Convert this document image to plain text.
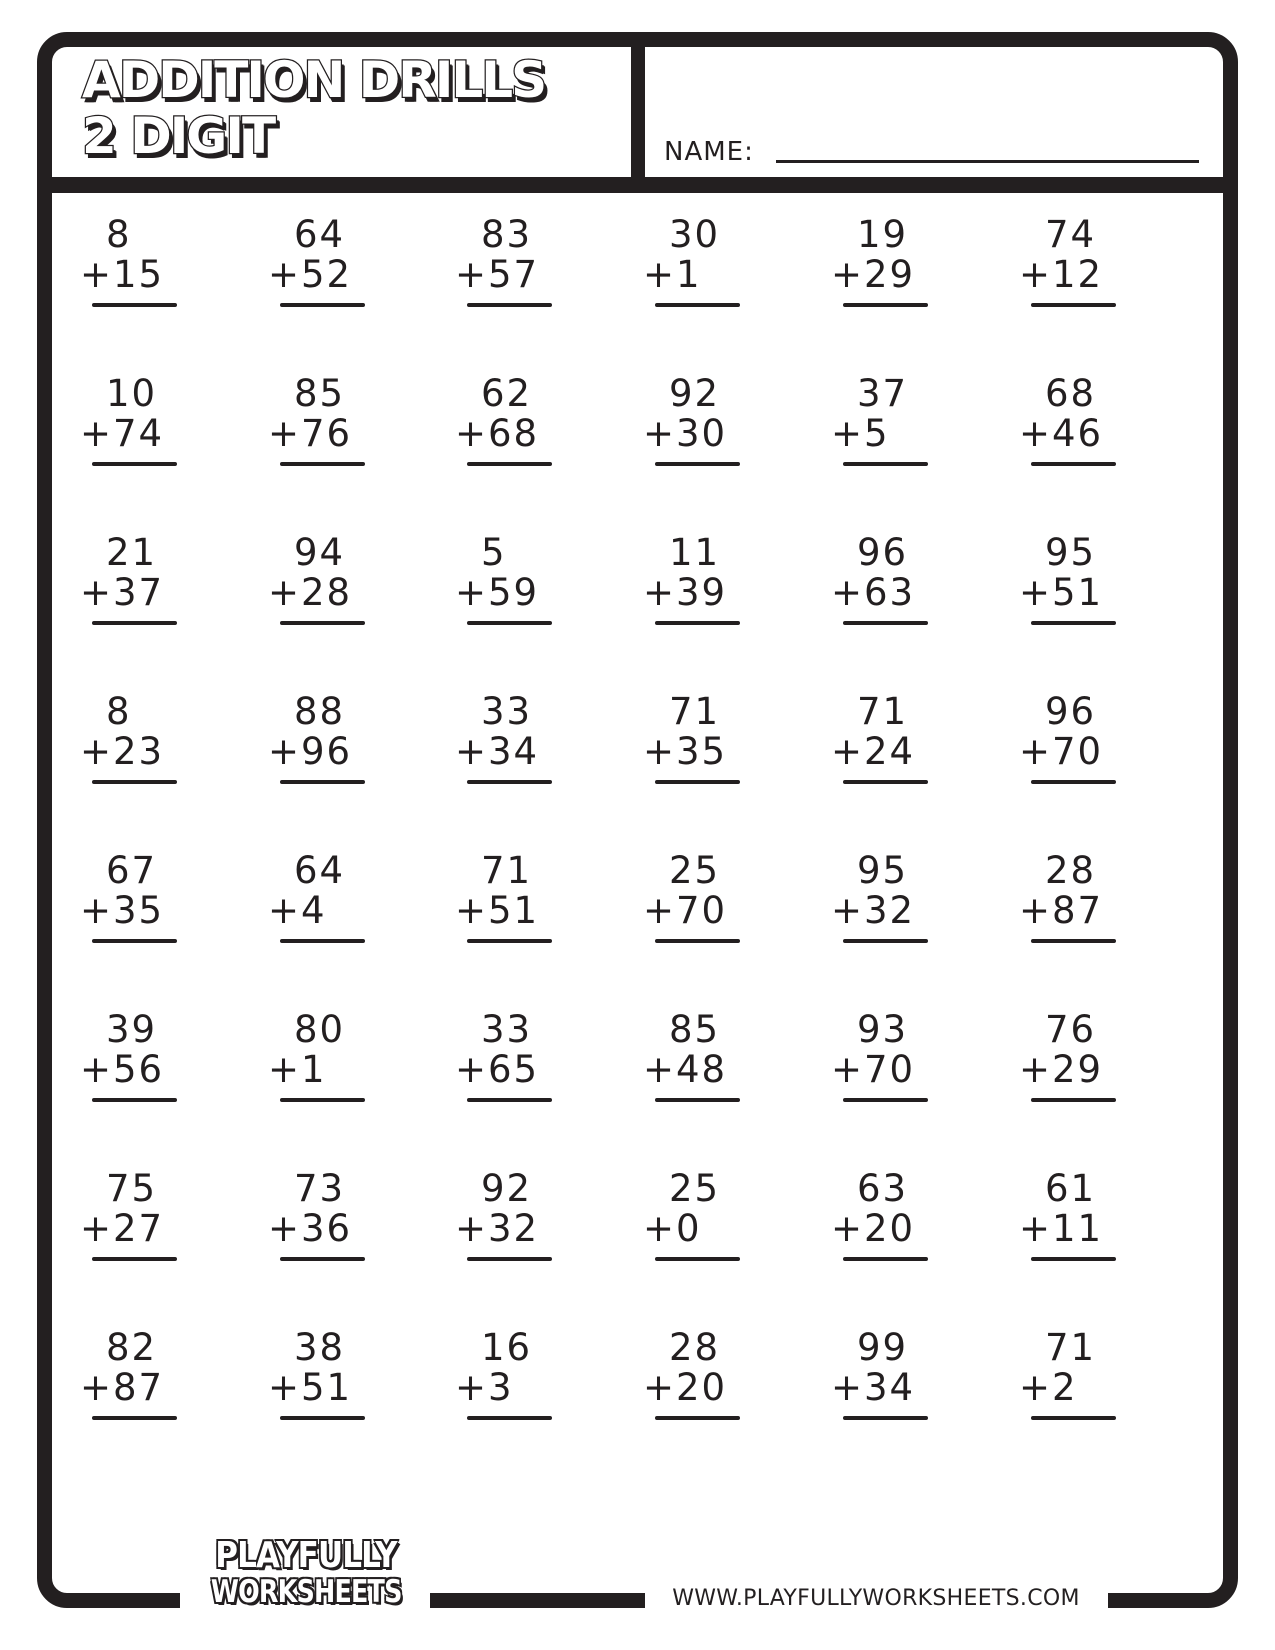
ADDITION DRILLS
2 DIGIT	NAME:
8
+15
64
+52
83
+57
30
+1
19
+29
74
+12
10
+74
85
+76
62
+68
92
+30
37
+5
68
+46
21
+37
94
+28
5
+59
11
+39
96
+63
95
+51
8
+23
88
+96
33
+34
71
+35
71
+24
96
+70
67
+35
64
+4
71
+51
25
+70
95
+32
28
+87
39
+56
80
+1
33
+65
85
+48
93
+70
76
+29
75
+27
73
+36
92
+32
25
+0
63
+20
61
+11
82
+87
38
+51
16
+3
28
+20
99
+34
71
+2
PLAYFULLY
WORKSHEETS	WWW.PLAYFULLYWORKSHEETS.COM
